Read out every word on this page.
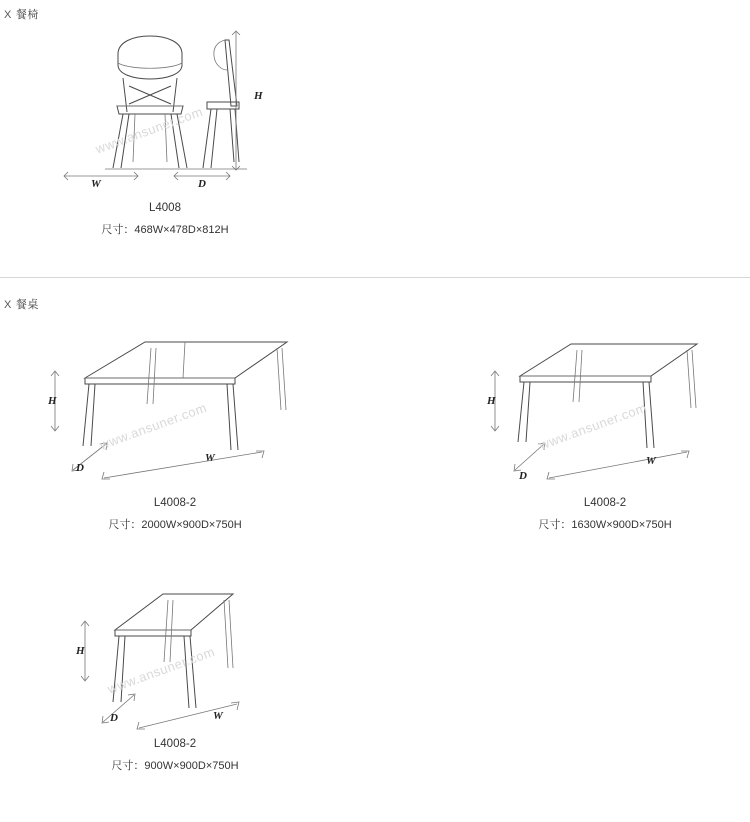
X 餐椅
H
W	D
www.ansuner.com
L4008
尺寸：468W×478D×812H
X 餐桌
H
D
W
www.ansuner.com
L4008-2
尺寸：2000W×900D×750H
H
D
W
www.ansuner.com
L4008-2
尺寸：1630W×900D×750H
H
D	W
www.ansuner.com
L4008-2
尺寸：900W×900D×750H
